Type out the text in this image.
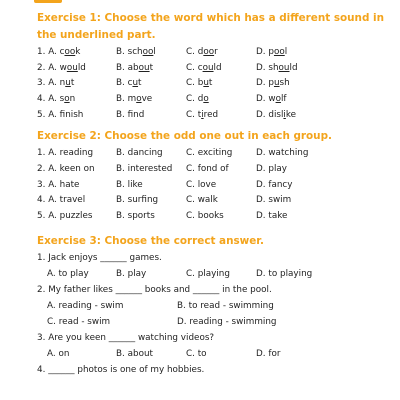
Exercise 1: Choose the word which has a different sound in the underlined part.

1. A. cook	B. school	C. door	D. pool
2. A. would	B. about	C. could	D. should
3. A. nut	B. cut	C. but	D. push
4. A. son	B. move	C. do	D. wolf
5. A. fnish	B. fnd	C. tired	D. dislike

Exercise 2: Choose the odd one out in each group.

1. A. reading	B. dancing	C. exciting	D. watching
2. A. keen on	B. interested	C. fond of	D. play
3. A. hate	B. like	C. love	D. fancy
4. A. travel	B. surfing	C. walk	D. swim
5. A. puzzles	B. sports	C. books	D. take

Exercise 3: Choose the correct answer.

1. Jack enjoys ______ games.
A. to play	B. play	C. playing	D. to playing
2. My father likes ______ books and ______ in the pool.
A. reading - swim	B. to read - swimming
C. read - swim	D. reading - swimming
3. Are you keen ______ watching videos?
A. on	B. about	C. to	D. for
4. ______ photos is one of my hobbies.
